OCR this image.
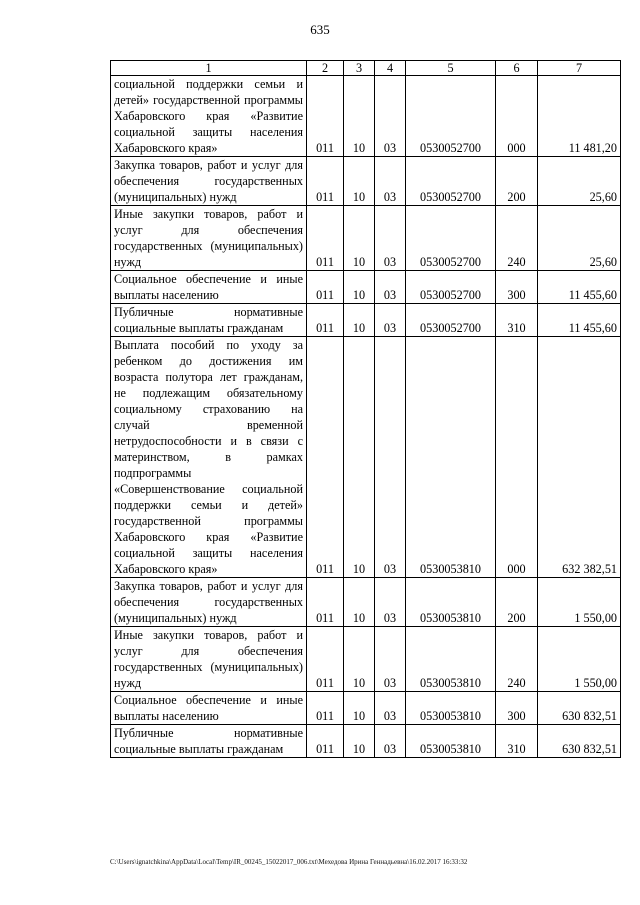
635
1	2	3	4	5	6	7
социальной поддержки семьи и детей» государственной программы Хабаровского края «Развитие социальной защиты населения Хабаровского края»	011	10	03	0530052700	000	11 481,20
Закупка товаров, работ и услуг для обеспечения государственных (муниципальных) нужд	011	10	03	0530052700	200	25,60
Иные закупки товаров, работ и услуг для обеспечения государственных (муниципальных) нужд	011	10	03	0530052700	240	25,60
Социальное обеспечение и иные выплаты населению	011	10	03	0530052700	300	11 455,60
Публичные нормативные социальные выплаты гражданам	011	10	03	0530052700	310	11 455,60
Выплата пособий по уходу за ребенком до достижения им возраста полутора лет гражданам, не подлежащим обязательному социальному страхованию на случай временной нетрудоспособности и в связи с материнством, в рамках подпрограммы «Совершенствование социальной поддержки семьи и детей» государственной программы Хабаровского края «Развитие социальной защиты населения Хабаровского края»	011	10	03	0530053810	000	632 382,51
Закупка товаров, работ и услуг для обеспечения государственных (муниципальных) нужд	011	10	03	0530053810	200	1 550,00
Иные закупки товаров, работ и услуг для обеспечения государственных (муниципальных) нужд	011	10	03	0530053810	240	1 550,00
Социальное обеспечение и иные выплаты населению	011	10	03	0530053810	300	630 832,51
Публичные нормативные социальные выплаты гражданам	011	10	03	0530053810	310	630 832,51
C:\Users\ignatchkina\AppData\Local\Temp\IR_00245_15022017_006.txt\Мехедова Ирина Геннадьевна\16.02.2017 16:33:32
